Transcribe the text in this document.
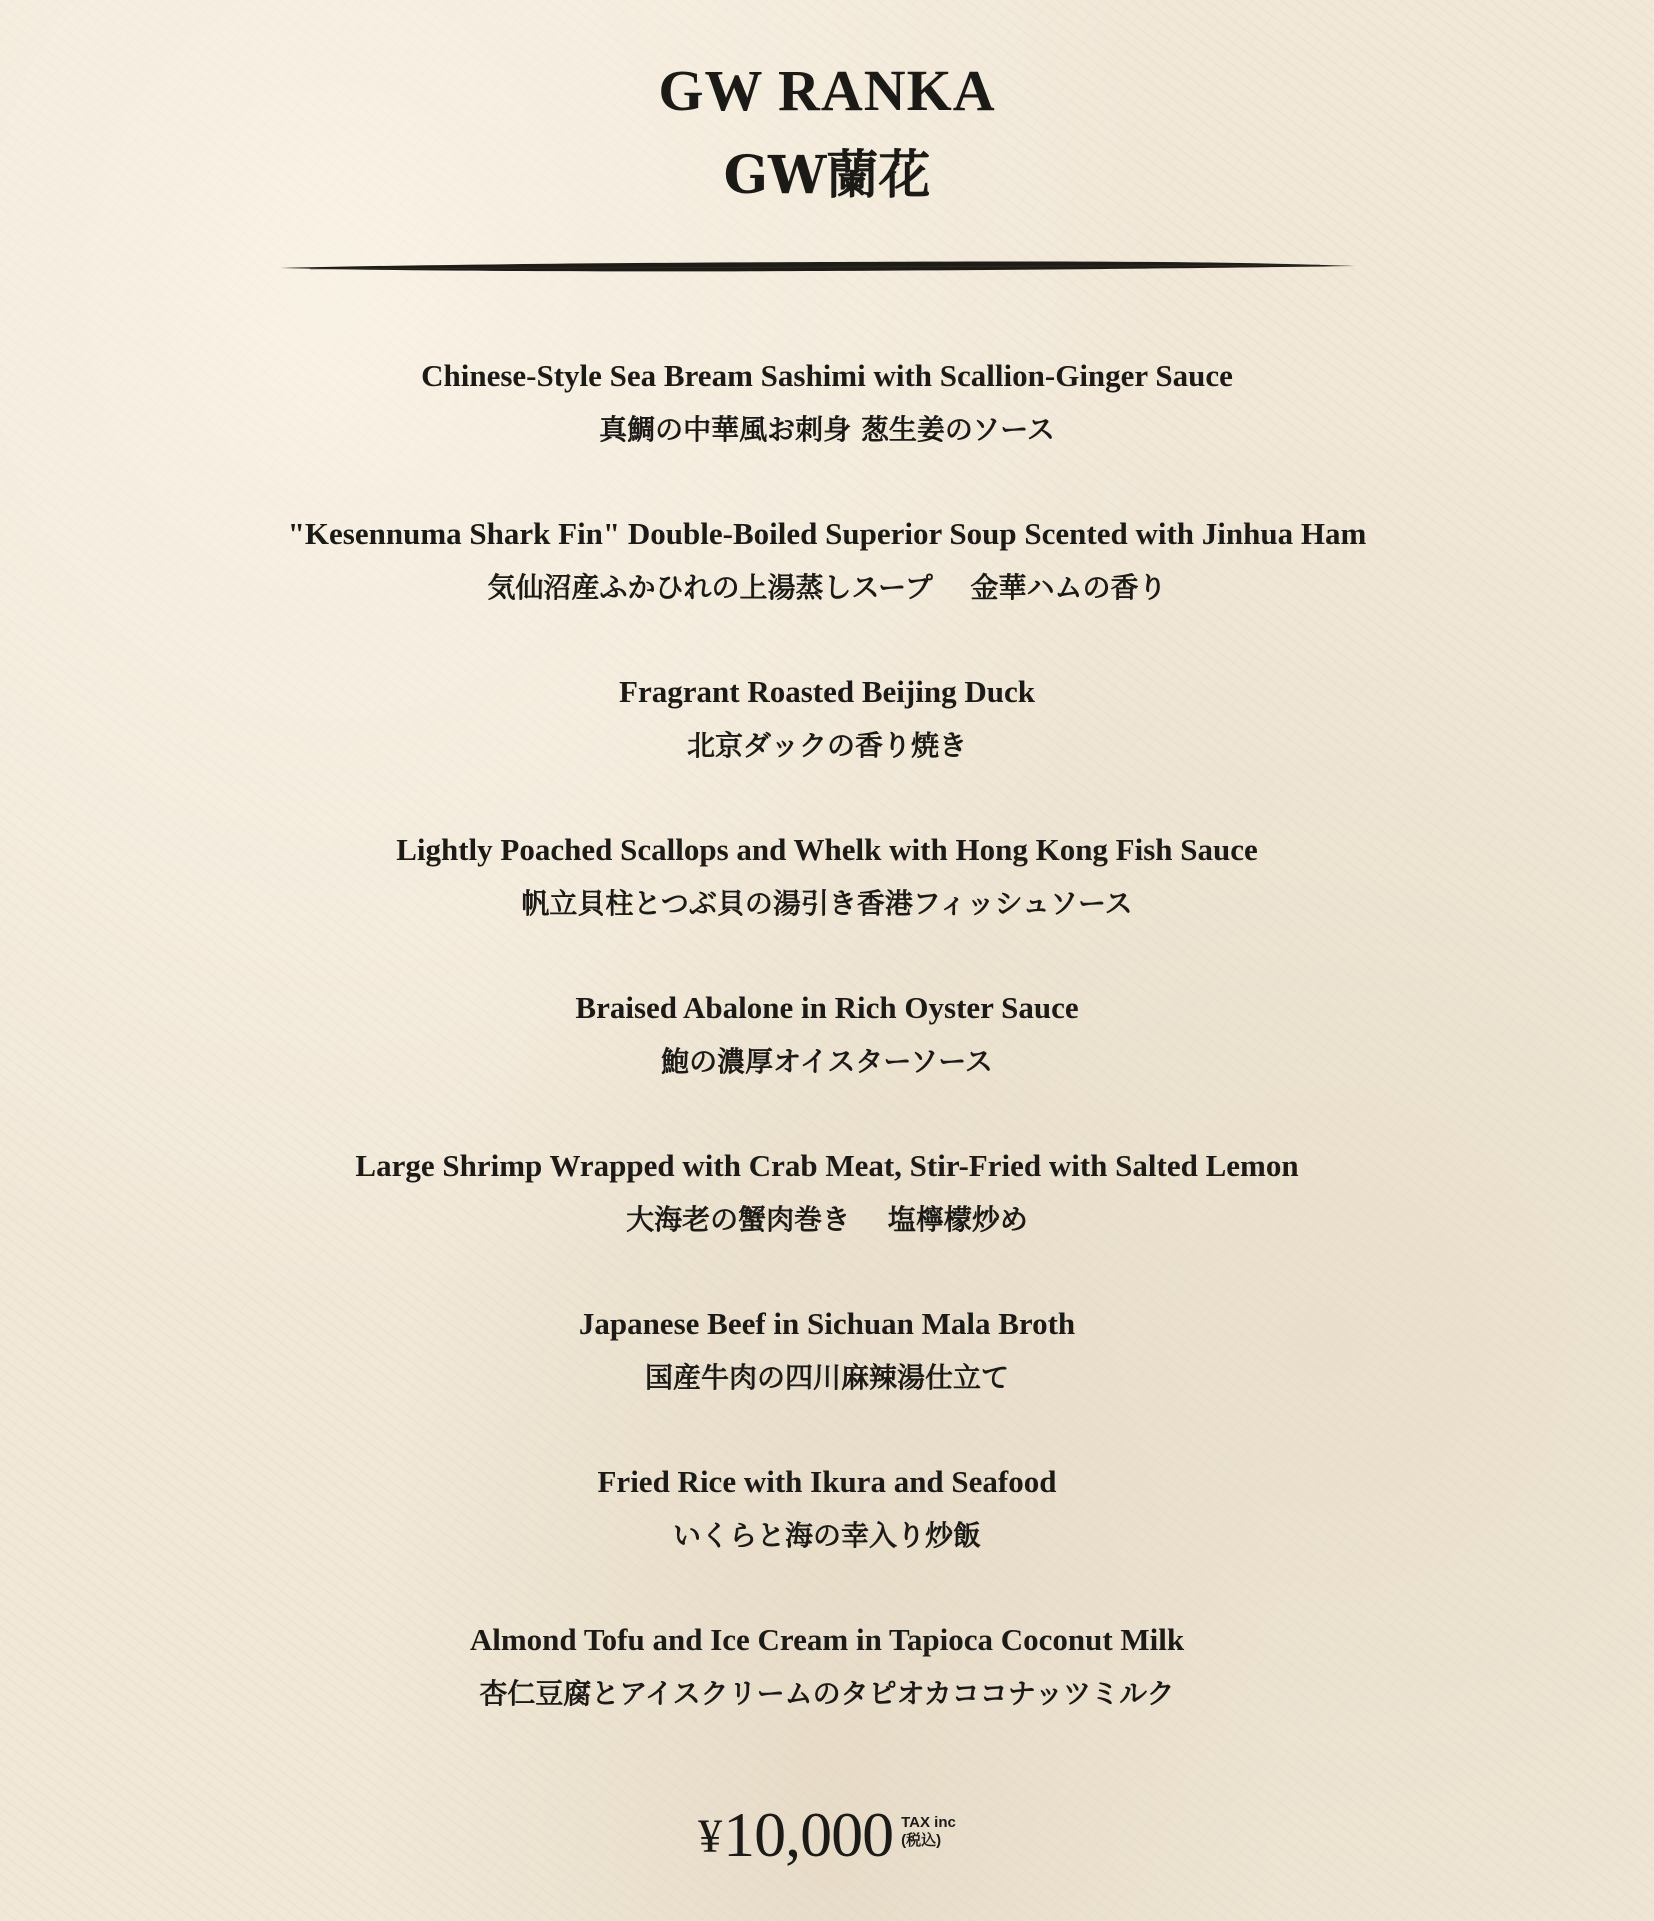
GW RANKA
GW蘭花
Chinese-Style Sea Bream Sashimi with Scallion-Ginger Sauce
真鯛の中華風お刺身 葱生姜のソース
"Kesennuma Shark Fin" Double-Boiled Superior Soup Scented with Jinhua Ham
気仙沼産ふかひれの上湯蒸しスープ　 金華ハムの香り
Fragrant Roasted Beijing Duck
北京ダックの香り焼き
Lightly Poached Scallops and Whelk with Hong Kong Fish Sauce
帆立貝柱とつぶ貝の湯引き香港フィッシュソース
Braised Abalone in Rich Oyster Sauce
鮑の濃厚オイスターソース
Large Shrimp Wrapped with Crab Meat, Stir-Fried with Salted Lemon
大海老の蟹肉巻き　 塩檸檬炒め
Japanese Beef in Sichuan Mala Broth
国産牛肉の四川麻辣湯仕立て
Fried Rice with Ikura and Seafood
いくらと海の幸入り炒飯
Almond Tofu and Ice Cream in Tapioca Coconut Milk
杏仁豆腐とアイスクリームのタピオカココナッツミルク
¥10,000 TAX inc
(税込)
